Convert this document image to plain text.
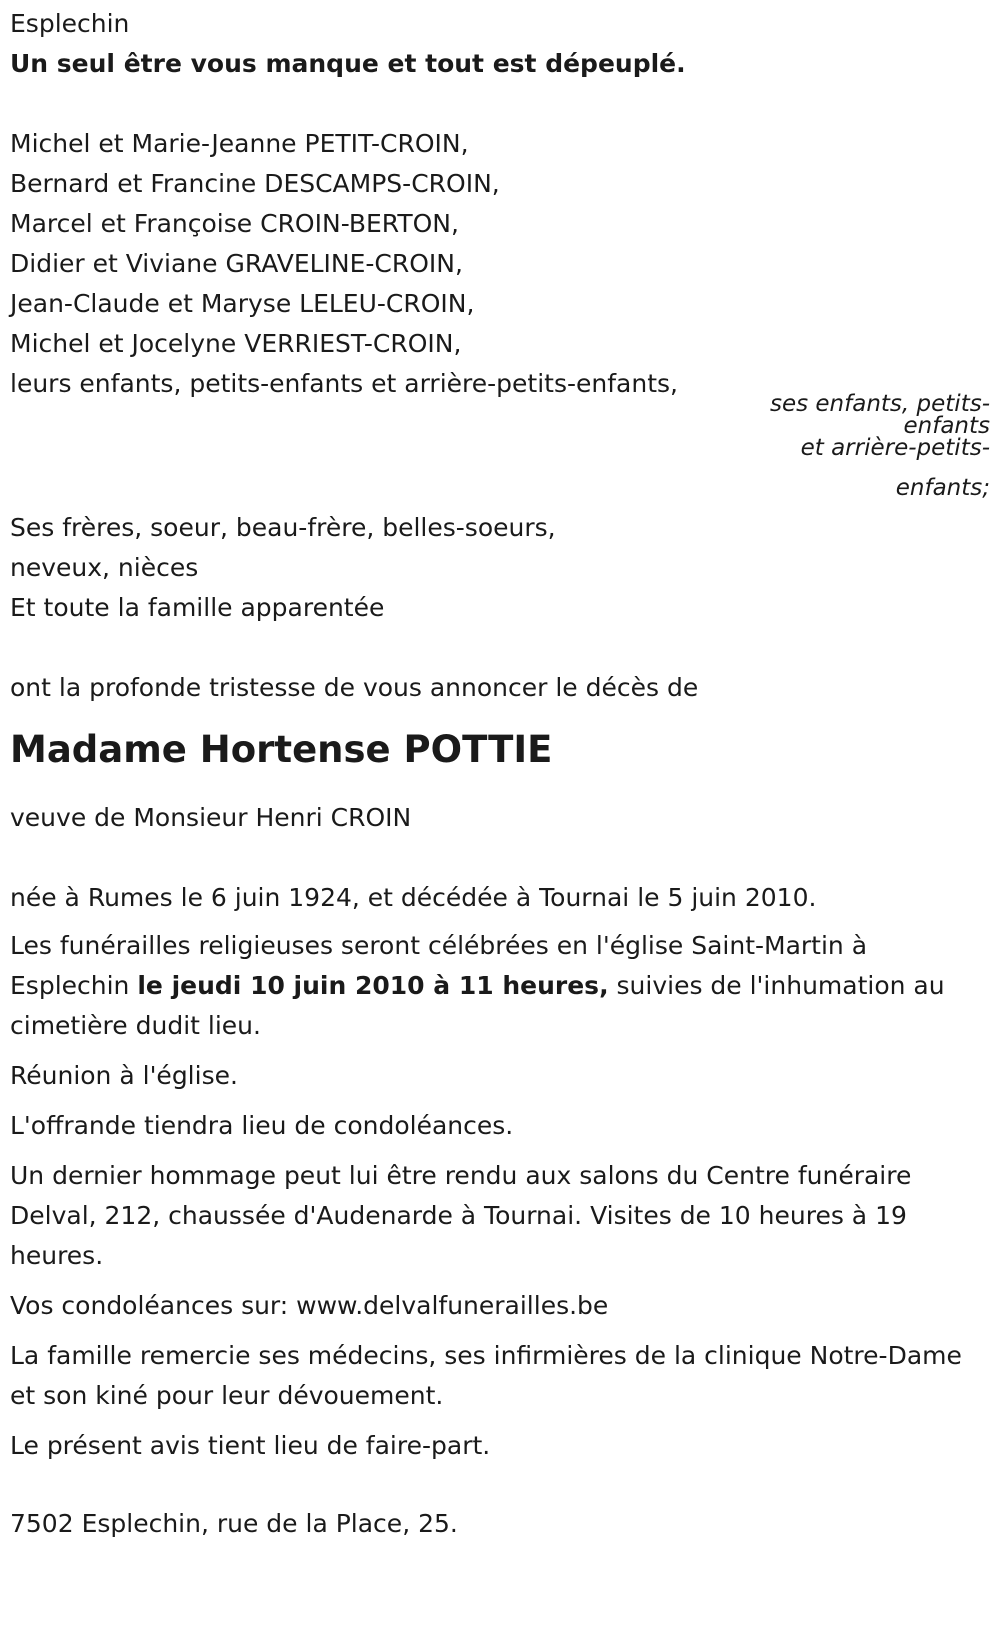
Esplechin
Un seul être vous manque et tout est dépeuplé.
Michel et Marie-Jeanne PETIT-CROIN,
Bernard et Francine DESCAMPS-CROIN,
Marcel et Françoise CROIN-BERTON,
Didier et Viviane GRAVELINE-CROIN,
Jean-Claude et Maryse LELEU-CROIN,
Michel et Jocelyne VERRIEST-CROIN,
leurs enfants, petits-enfants et arrière-petits-enfants,
ses enfants, petits-
enfants
et arrière-petits-
enfants;
Ses frères, soeur, beau-frère, belles-soeurs,
neveux, nièces
Et toute la famille apparentée
ont la profonde tristesse de vous annoncer le décès de
Madame Hortense POTTIE
veuve de Monsieur Henri CROIN
née à Rumes le 6 juin 1924, et décédée à Tournai le 5 juin 2010.
Les funérailles religieuses seront célébrées en l'église Saint-Martin à Esplechin le jeudi 10 juin 2010 à 11 heures, suivies de l'inhumation au cimetière dudit lieu.
Réunion à l'église.
L'offrande tiendra lieu de condoléances.
Un dernier hommage peut lui être rendu aux salons du Centre funéraire Delval, 212, chaussée d'Audenarde à Tournai. Visites de 10 heures à 19 heures.
Vos condoléances sur: www.delvalfunerailles.be
La famille remercie ses médecins, ses infirmières de la clinique Notre-Dame et son kiné pour leur dévouement.
Le présent avis tient lieu de faire-part.
7502 Esplechin, rue de la Place, 25.
